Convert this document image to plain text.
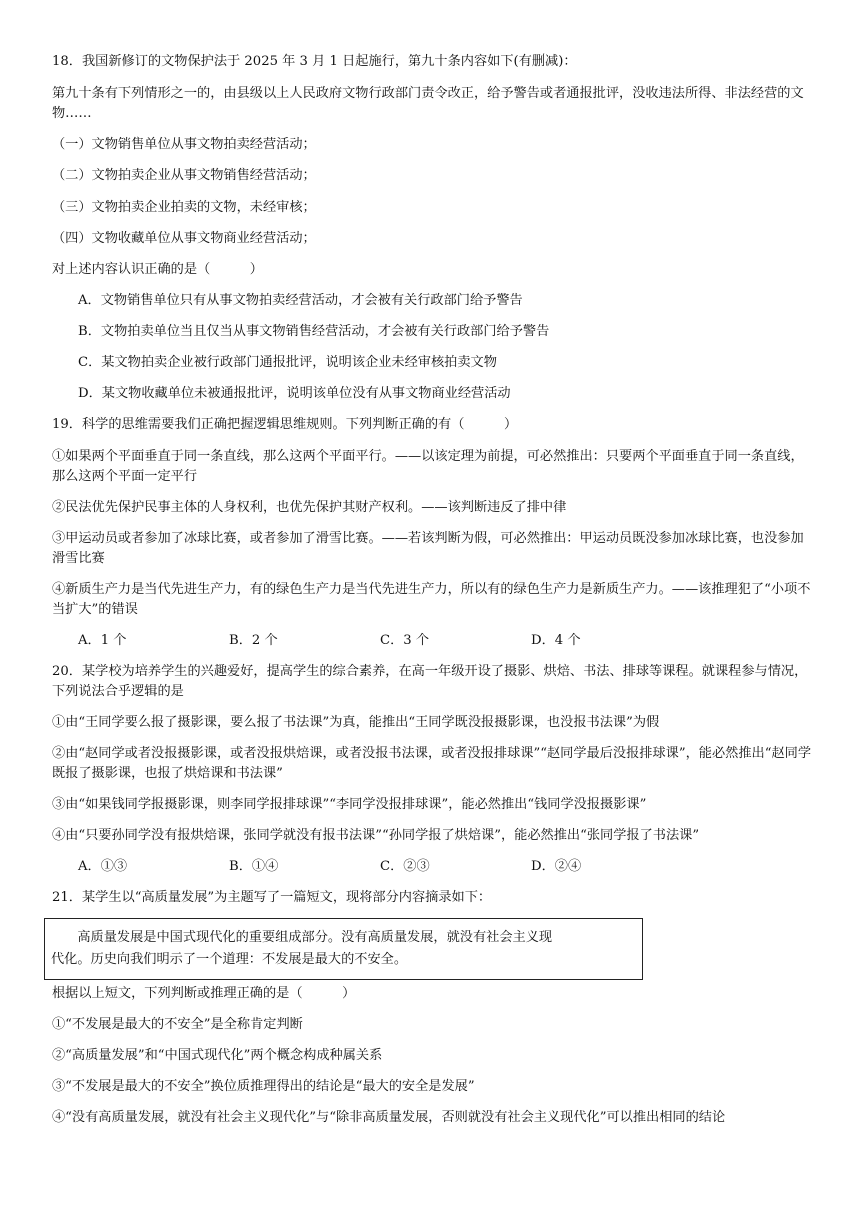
18．我国新修订的文物保护法于 2025 年 3 月 1 日起施行，第九十条内容如下(有删减)：

第九十条有下列情形之一的，由县级以上人民政府文物行政部门责令改正，给予警告或者通报批评，没收违法所得、非法经营的文物……

（一）文物销售单位从事文物拍卖经营活动；

（二）文物拍卖企业从事文物销售经营活动；

（三）文物拍卖企业拍卖的文物，未经审核；

（四）文物收藏单位从事文物商业经营活动；

对上述内容认识正确的是（　　　）

A．文物销售单位只有从事文物拍卖经营活动，才会被有关行政部门给予警告

B．文物拍卖单位当且仅当从事文物销售经营活动，才会被有关行政部门给予警告

C．某文物拍卖企业被行政部门通报批评，说明该企业未经审核拍卖文物

D．某文物收藏单位未被通报批评，说明该单位没有从事文物商业经营活动

19．科学的思维需要我们正确把握逻辑思维规则。下列判断正确的有（　　　）

①如果两个平面垂直于同一条直线，那么这两个平面平行。——以该定理为前提，可必然推出：只要两个平面垂直于同一条直线，那么这两个平面一定平行

②民法优先保护民事主体的人身权利，也优先保护其财产权利。——该判断违反了排中律

③甲运动员或者参加了冰球比赛，或者参加了滑雪比赛。——若该判断为假，可必然推出：甲运动员既没参加冰球比赛，也没参加滑雪比赛

④新质生产力是当代先进生产力，有的绿色生产力是当代先进生产力，所以有的绿色生产力是新质生产力。——该推理犯了“小项不当扩大”的错误

A．1 个	B．2 个	C．3 个	D．4 个

20．某学校为培养学生的兴趣爱好，提高学生的综合素养，在高一年级开设了摄影、烘焙、书法、排球等课程。就课程参与情况，下列说法合乎逻辑的是

①由“王同学要么报了摄影课，要么报了书法课”为真，能推出“王同学既没报摄影课，也没报书法课”为假

②由“赵同学或者没报摄影课，或者没报烘焙课，或者没报书法课，或者没报排球课”“赵同学最后没报排球课”，能必然推出“赵同学既报了摄影课，也报了烘焙课和书法课”

③由“如果钱同学报摄影课，则李同学报排球课”“李同学没报排球课”，能必然推出“钱同学没报摄影课”

④由“只要孙同学没有报烘焙课，张同学就没有报书法课”“孙同学报了烘焙课”，能必然推出“张同学报了书法课”

A．①③	B．①④	C．②③	D．②④

21．某学生以“高质量发展”为主题写了一篇短文，现将部分内容摘录如下：

　　高质量发展是中国式现代化的重要组成部分。没有高质量发展，就没有社会主义现

代化。历史向我们明示了一个道理：不发展是最大的不安全。

根据以上短文，下列判断或推理正确的是（　　　）

①“不发展是最大的不安全”是全称肯定判断

②“高质量发展”和“中国式现代化”两个概念构成种属关系

③“不发展是最大的不安全”换位质推理得出的结论是“最大的安全是发展”

④“没有高质量发展，就没有社会主义现代化”与“除非高质量发展，否则就没有社会主义现代化”可以推出相同的结论
